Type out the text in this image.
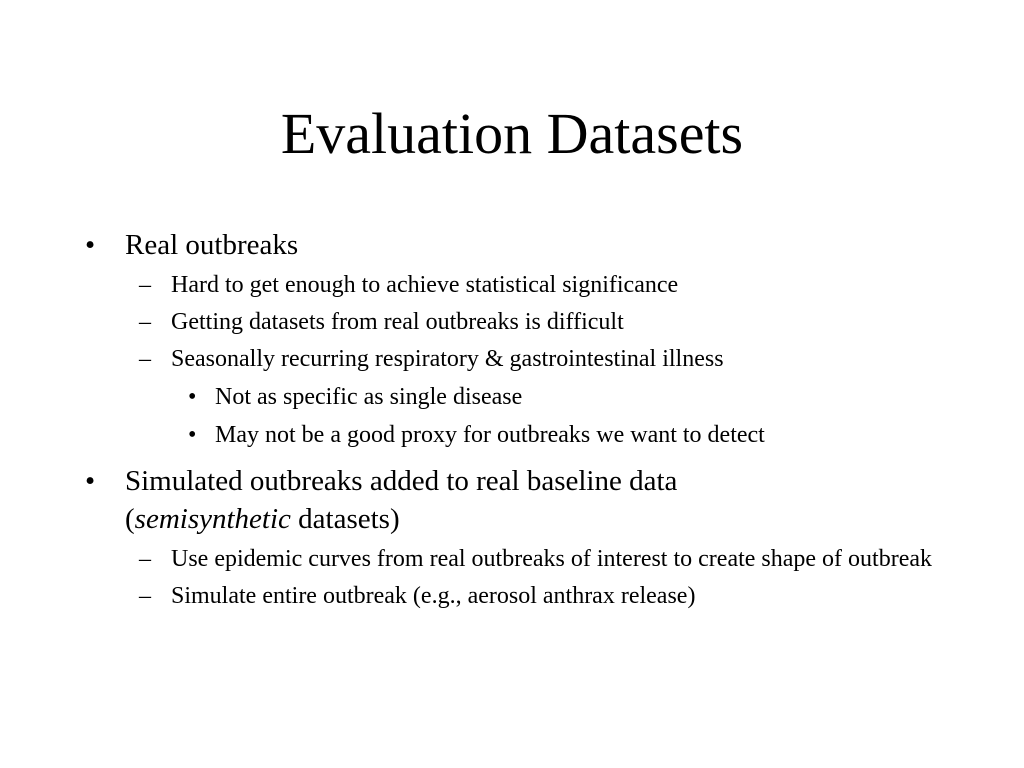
Evaluation Datasets
• Real outbreaks
– Hard to get enough to achieve statistical significance
– Getting datasets from real outbreaks is difficult
– Seasonally recurring respiratory & gastrointestinal illness
• Not as specific as single disease
• May not be a good proxy for outbreaks we want to detect
• Simulated outbreaks added to real baseline data (semisynthetic datasets)
– Use epidemic curves from real outbreaks of interest to create shape of outbreak
– Simulate entire outbreak (e.g., aerosol anthrax release)
